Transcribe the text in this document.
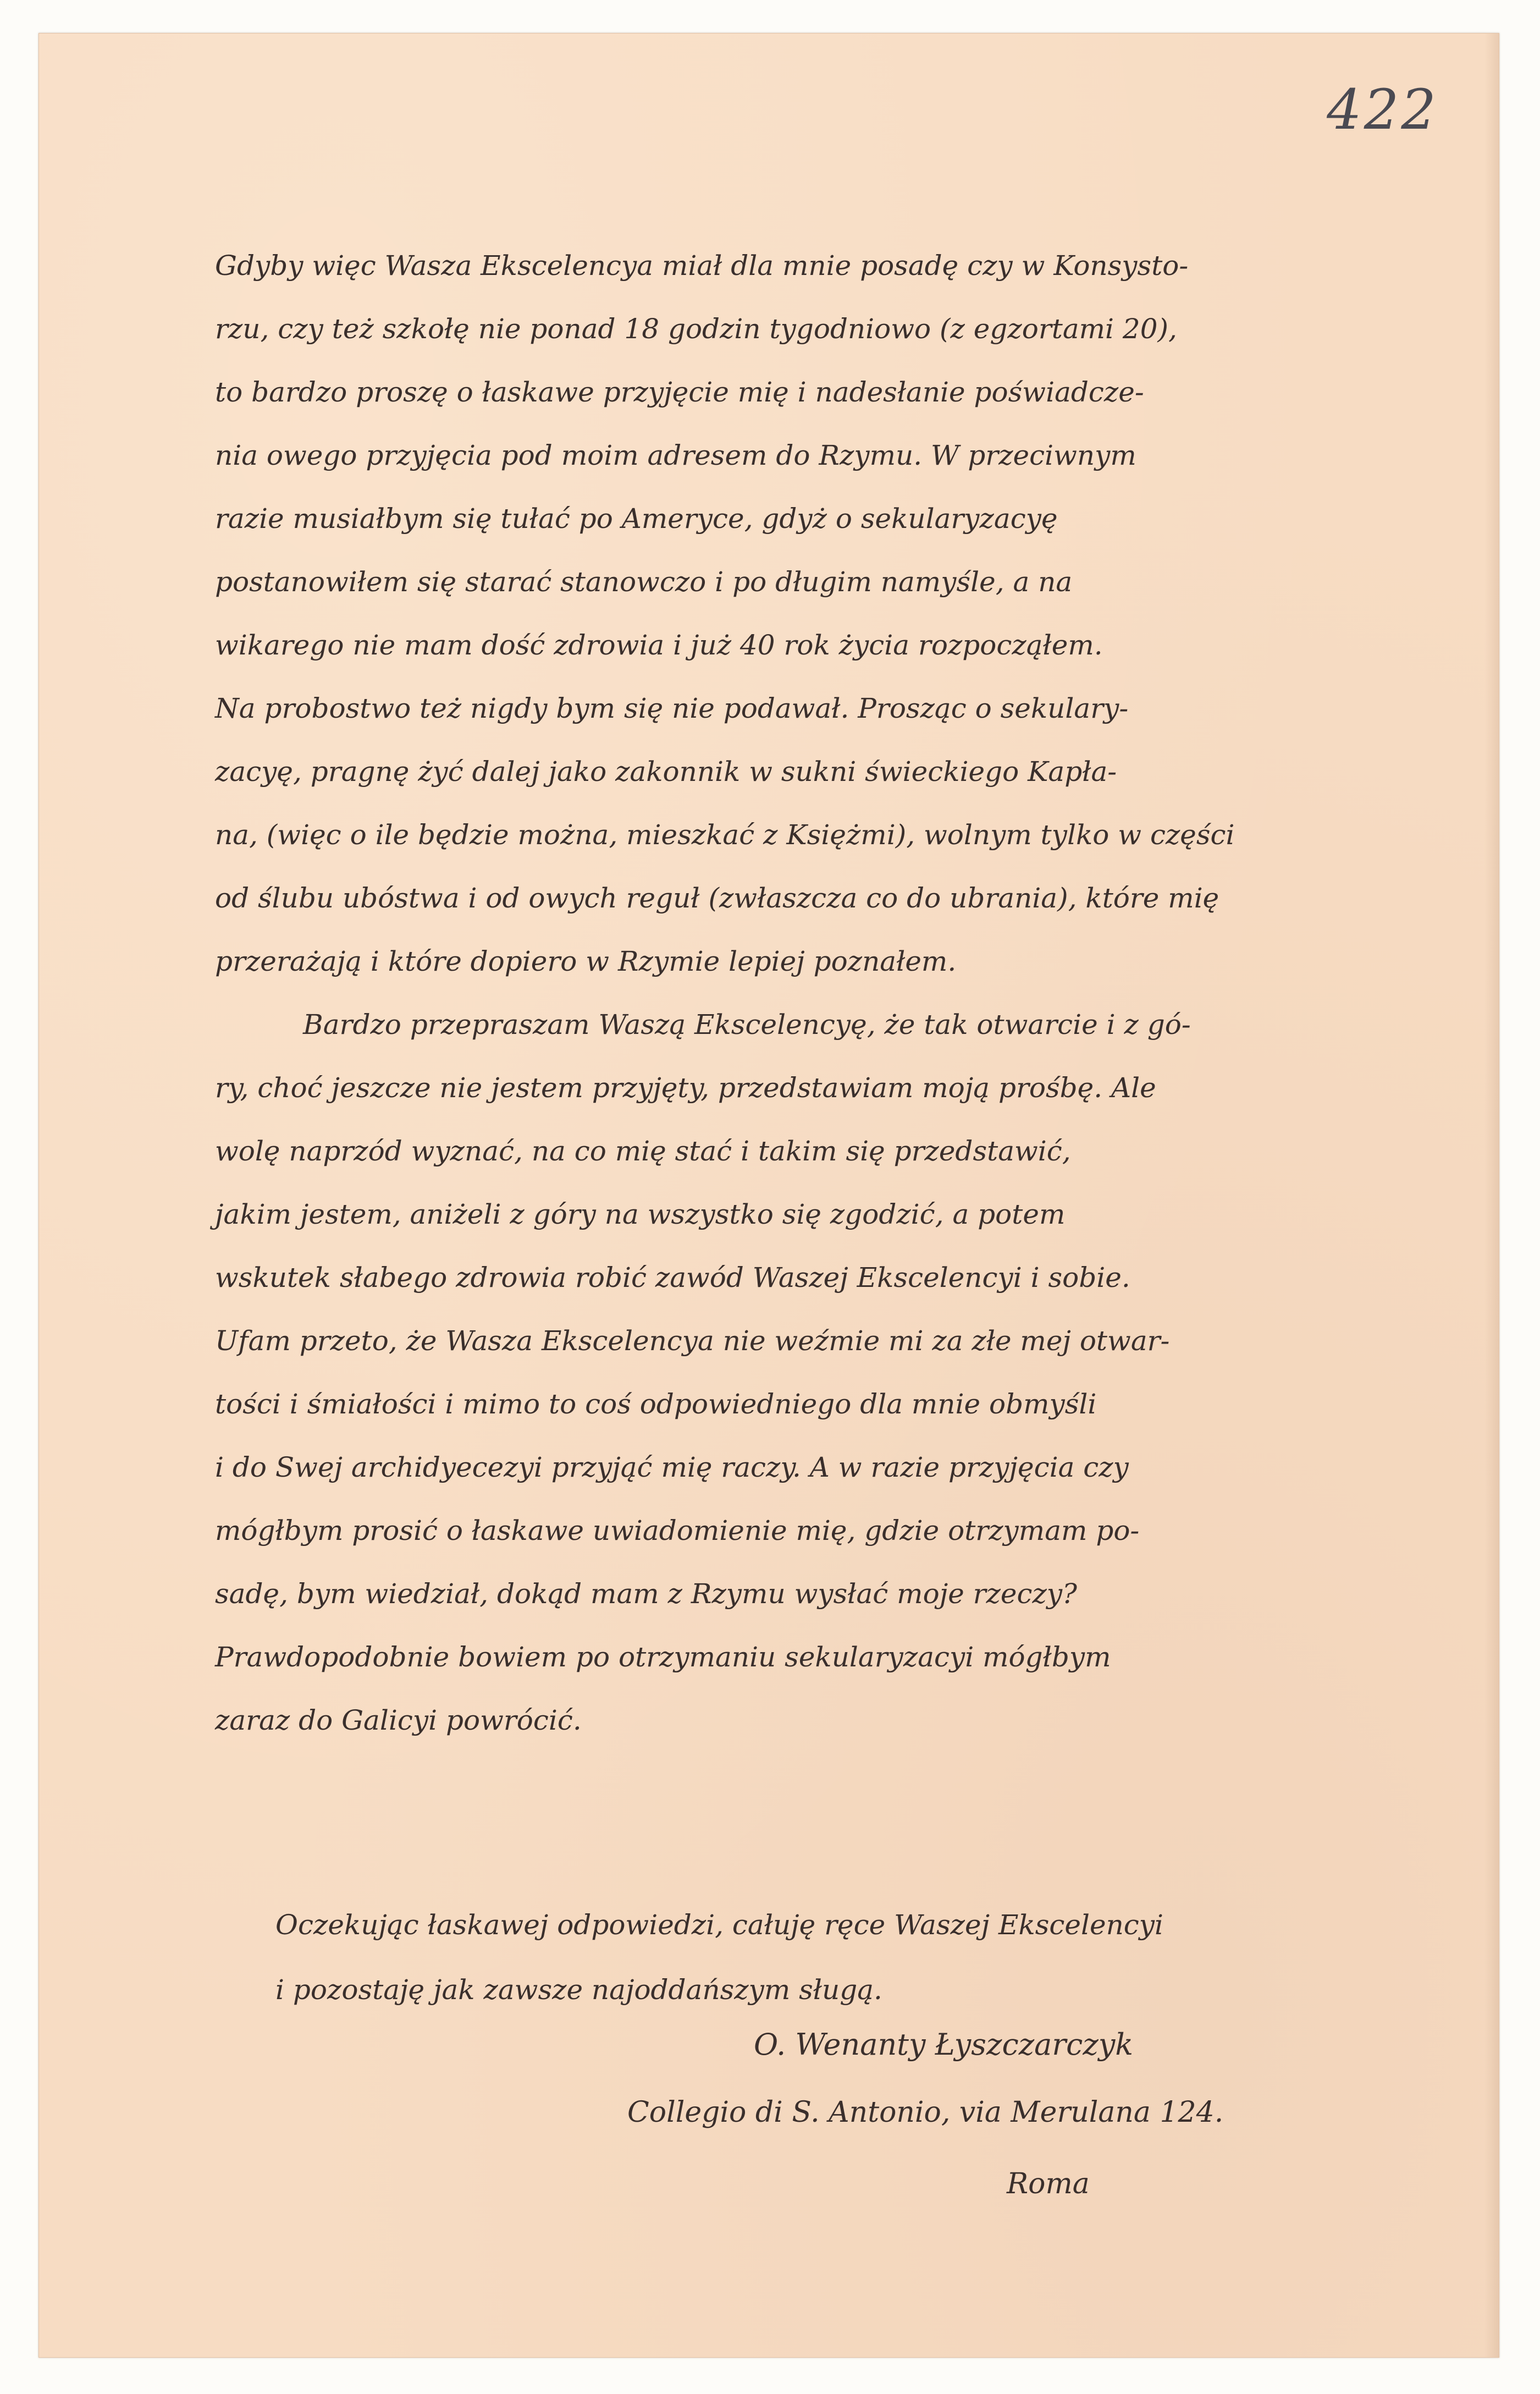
422
Gdyby więc Wasza Ekscelencya miał dla mnie posadę czy w Konsysto-
rzu, czy też szkołę nie ponad 18 godzin tygodniowo (z egzortami 20),
to bardzo proszę o łaskawe przyjęcie mię i nadesłanie poświadcze-
nia owego przyjęcia pod moim adresem do Rzymu. W przeciwnym
razie musiałbym się tułać po Ameryce, gdyż o sekularyzacyę
postanowiłem się starać stanowczo i po długim namyśle, a na
wikarego nie mam dość zdrowia i już 40 rok życia rozpocząłem.
Na probostwo też nigdy bym się nie podawał. Prosząc o sekulary-
zacyę, pragnę żyć dalej jako zakonnik w sukni świeckiego Kapła-
na, (więc o ile będzie można, mieszkać z Księżmi), wolnym tylko w części
od ślubu ubóstwa i od owych reguł (zwłaszcza co do ubrania), które mię
przerażają i które dopiero w Rzymie lepiej poznałem.
Bardzo przepraszam Waszą Ekscelencyę, że tak otwarcie i z gó-
ry, choć jeszcze nie jestem przyjęty, przedstawiam moją prośbę. Ale
wolę naprzód wyznać, na co mię stać i takim się przedstawić,
jakim jestem, aniżeli z góry na wszystko się zgodzić, a potem
wskutek słabego zdrowia robić zawód Waszej Ekscelencyi i sobie.
Ufam przeto, że Wasza Ekscelencya nie weźmie mi za złe mej otwar-
tości i śmiałości i mimo to coś odpowiedniego dla mnie obmyśli
i do Swej archidyecezyi przyjąć mię raczy. A w razie przyjęcia czy
mógłbym prosić o łaskawe uwiadomienie mię, gdzie otrzymam po-
sadę, bym wiedział, dokąd mam z Rzymu wysłać moje rzeczy?
Prawdopodobnie bowiem po otrzymaniu sekularyzacyi mógłbym
zaraz do Galicyi powrócić.
Oczekując łaskawej odpowiedzi, całuję ręce Waszej Ekscelencyi
i pozostaję jak zawsze najoddańszym sługą.
O. Wenanty Łyszczarczyk
Collegio di S. Antonio, via Merulana 124.
Roma
